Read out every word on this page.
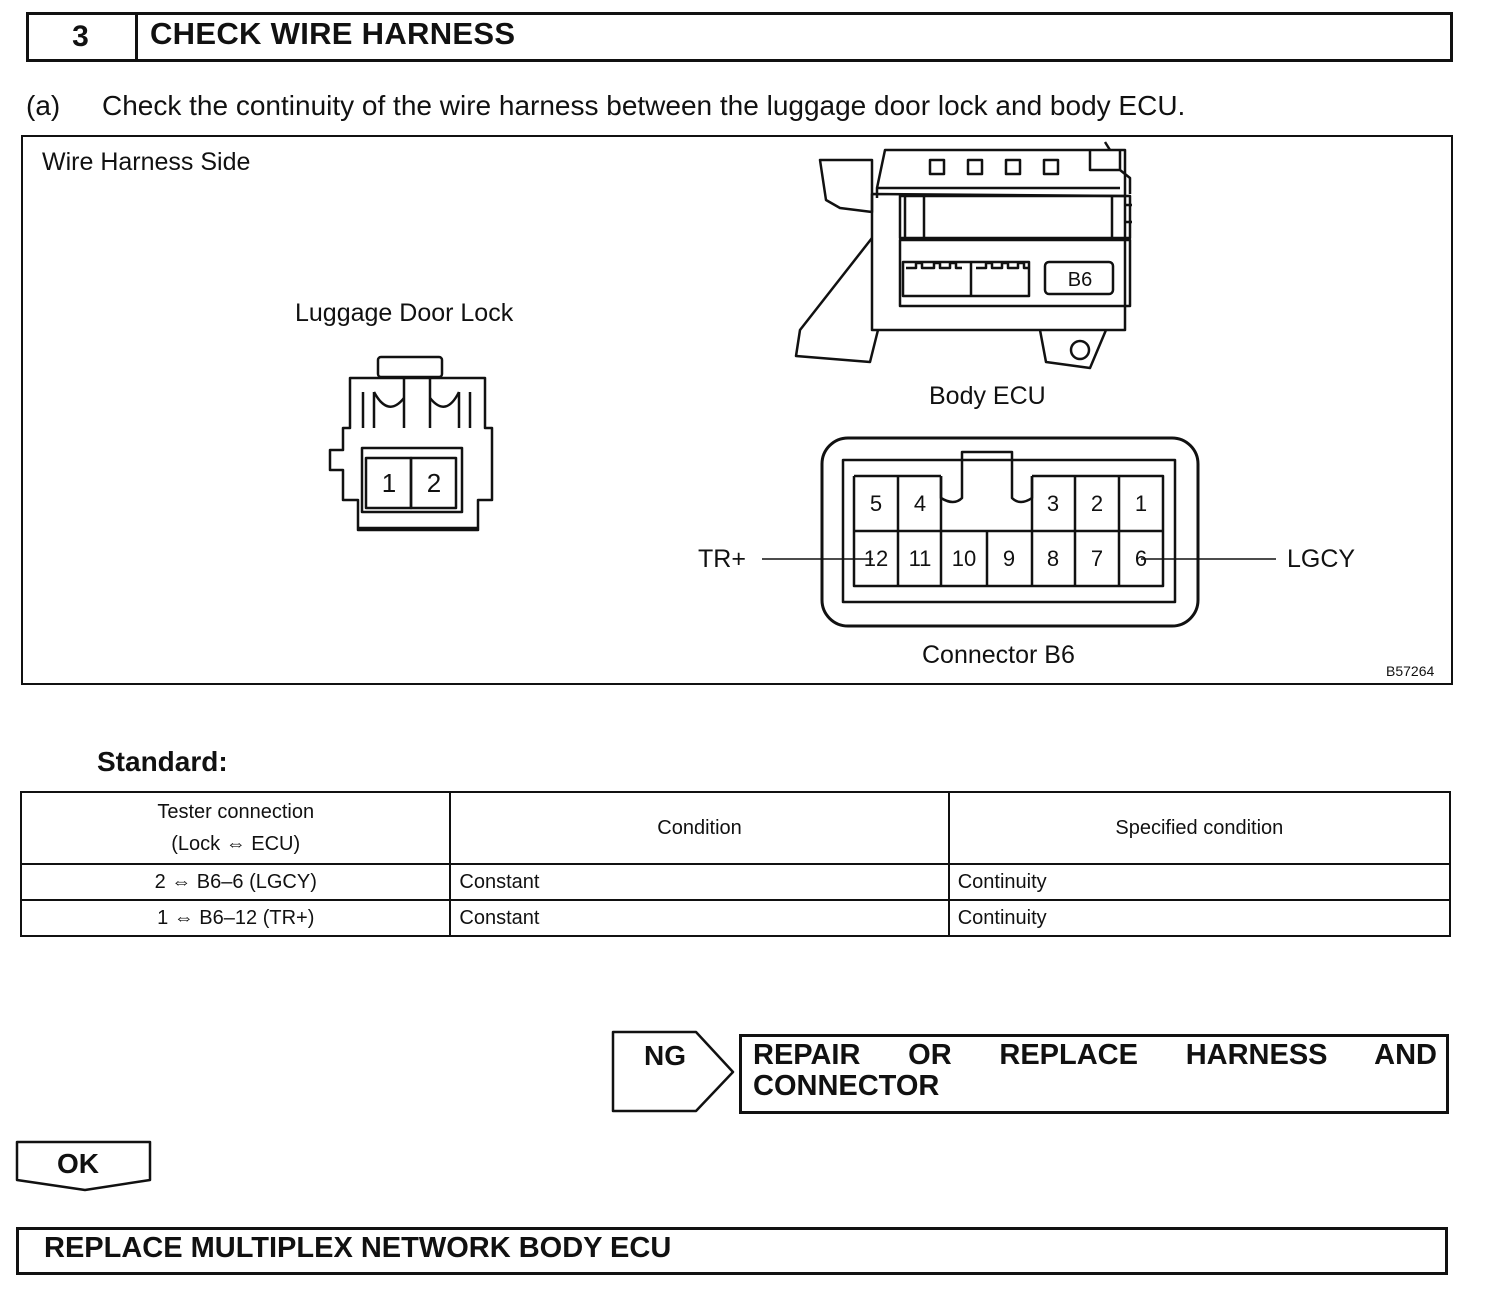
3	CHECK WIRE HARNESS
(a) Check the continuity of the wire harness between the luggage door lock and body ECU.
Wire Harness Side
Luggage Door Lock
Body ECU
Connector B6
TR+	LGCY
B57264
1 2
B6
5 4	3 2 1
12 11 10 9 8 7 6
Standard:
Tester connection
(Lock ⇔ ECU)	Condition	Specified condition
2 ⇔ B6–6 (LGCY)	Constant	Continuity
1 ⇔ B6–12 (TR+)	Constant	Continuity
NG REPAIR OR REPLACE HARNESS AND CONNECTOR
OK
REPLACE MULTIPLEX NETWORK BODY ECU
